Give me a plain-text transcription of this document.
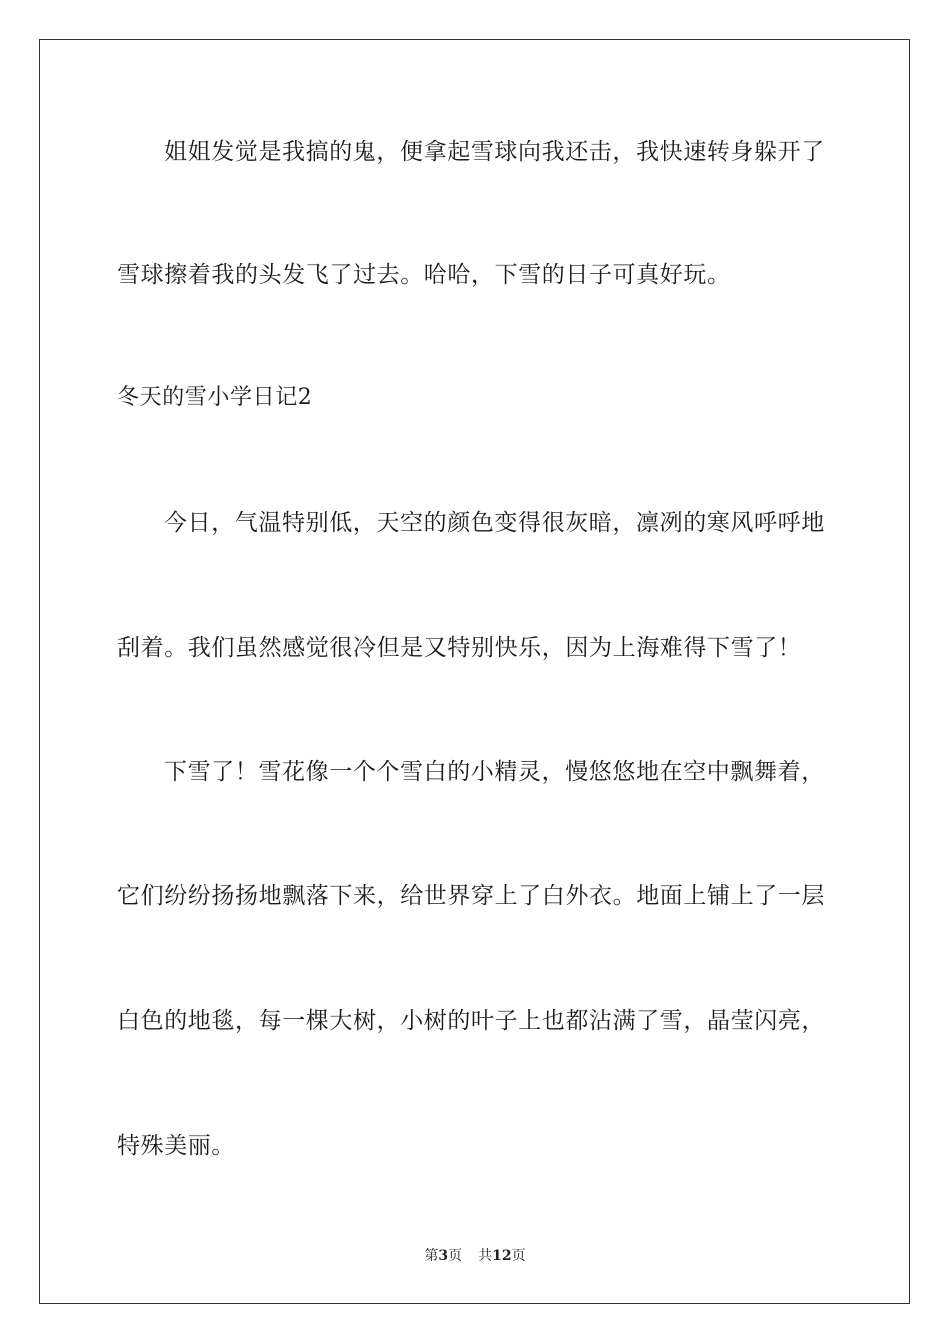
姐姐发觉是我搞的鬼，便拿起雪球向我还击，我快速转身躲开了
雪球擦着我的头发飞了过去。哈哈，下雪的日子可真好玩。
冬天的雪小学日记2
今日，气温特别低，天空的颜色变得很灰暗，凛冽的寒风呼呼地
刮着。我们虽然感觉很冷但是又特别快乐，因为上海难得下雪了！
下雪了！雪花像一个个雪白的小精灵，慢悠悠地在空中飘舞着，
它们纷纷扬扬地飘落下来，给世界穿上了白外衣。地面上铺上了一层
白色的地毯，每一棵大树，小树的叶子上也都沾满了雪，晶莹闪亮，
特殊美丽。
第3页 共12页
